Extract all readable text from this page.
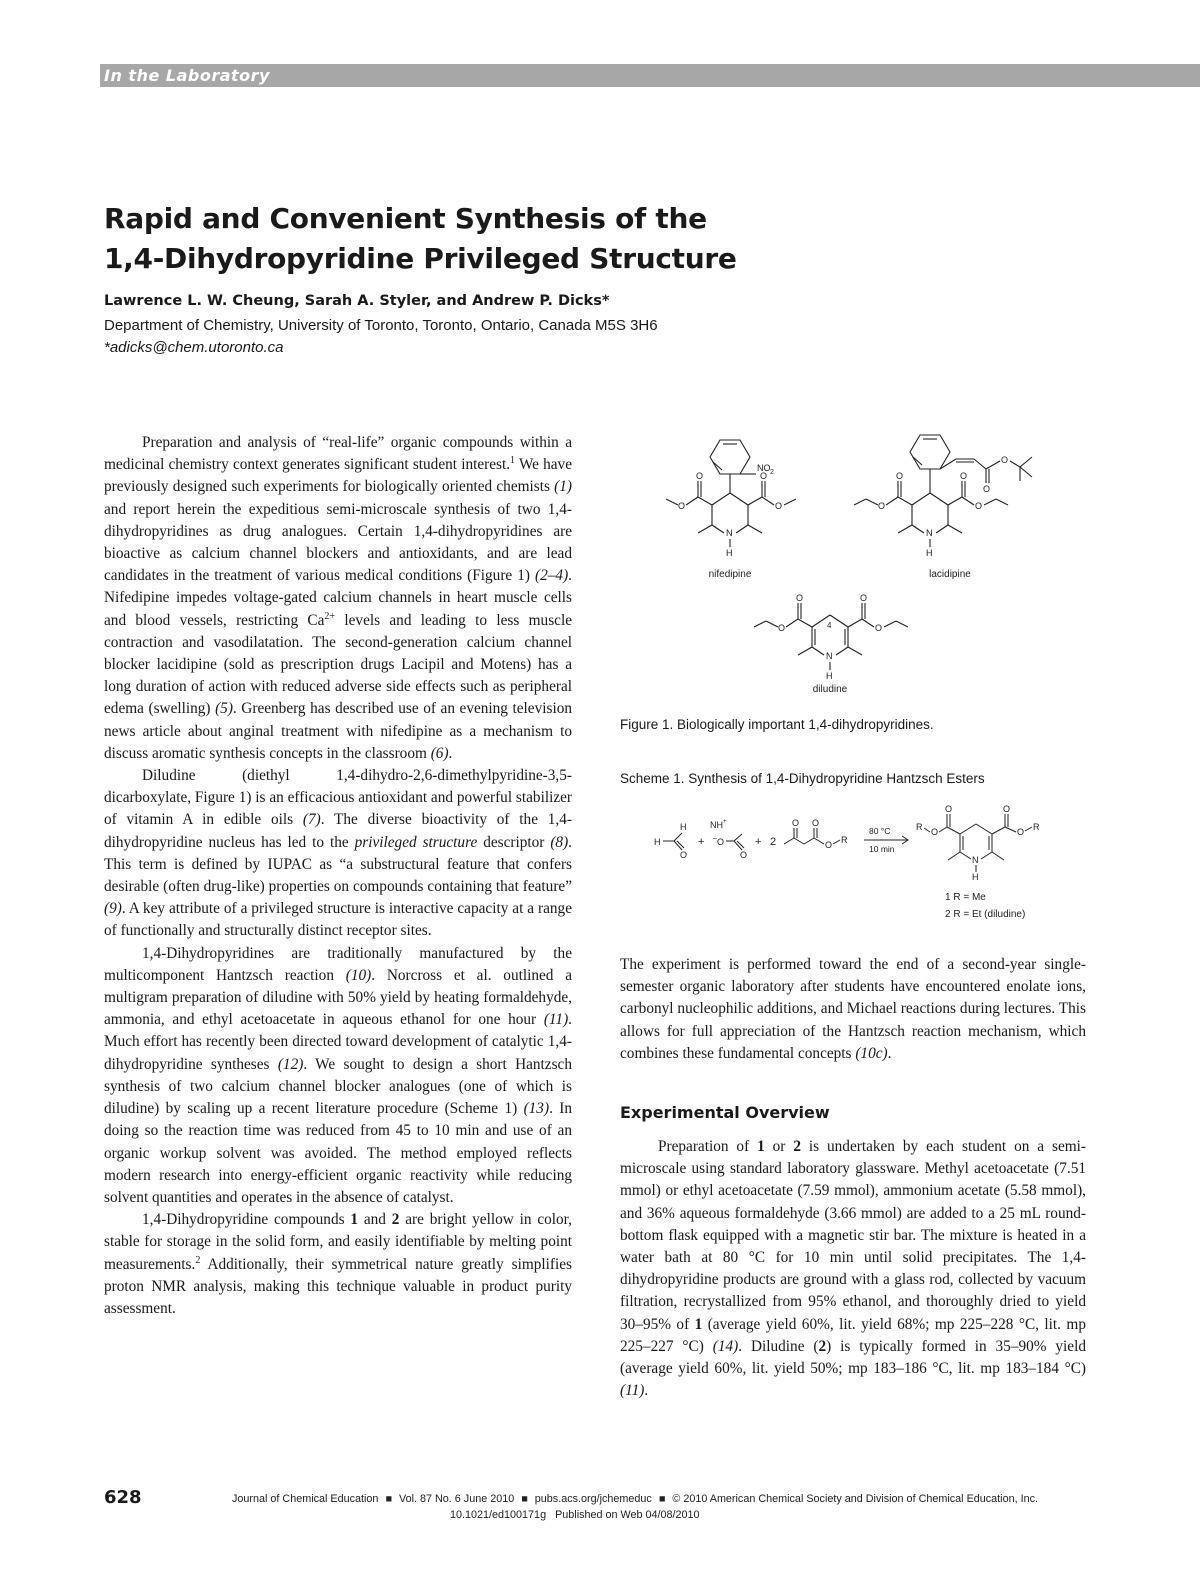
In the Laboratory
Rapid and Convenient Synthesis of the
1,4-Dihydropyridine Privileged Structure
Lawrence L. W. Cheung, Sarah A. Styler, and Andrew P. Dicks*
Department of Chemistry, University of Toronto, Toronto, Ontario, Canada M5S 3H6
*adicks@chem.utoronto.ca

Preparation and analysis of “real-life” organic compounds within a medicinal chemistry context generates significant student interest.$^1$ We have previously designed such experiments for biologically oriented chemists (1) and report herein the expeditious semi-microscale synthesis of two 1,4-dihydropyridines as drug analogues. Certain 1,4-dihydropyridines are bioactive as calcium channel blockers and antioxidants, and are lead candidates in the treatment of various medical conditions (Figure 1) (2–4). Nifedipine impedes voltage-gated calcium channels in heart muscle cells and blood vessels, restricting $Ca^{2+}$ levels and leading to less muscle contraction and vasodilatation. The second-generation calcium channel blocker lacidipine (sold as prescription drugs Lacipil and Motens) has a long duration of action with reduced adverse side effects such as peripheral edema (swelling) (5). Greenberg has described use of an evening television news article about anginal treatment with nifedipine as a mechanism to discuss aromatic synthesis concepts in the classroom (6).

Diludine (diethyl 1,4-dihydro-2,6-dimethylpyridine-3,5-dicarboxylate, Figure 1) is an efficacious antioxidant and powerful stabilizer of vitamin A in edible oils (7). The diverse bioactivity of the 1,4-dihydropyridine nucleus has led to the privileged structure descriptor (8). This term is defined by IUPAC as “a substructural feature that confers desirable (often drug-like) properties on compounds containing that feature” (9). A key attribute of a privileged structure is interactive capacity at a range of functionally and structurally distinct receptor sites.

1,4-Dihydropyridines are traditionally manufactured by the multicomponent Hantzsch reaction (10). Norcross et al. outlined a multigram preparation of diludine with 50% yield by heating formaldehyde, ammonia, and ethyl acetoacetate in aqueous ethanol for one hour (11). Much effort has recently been directed toward development of catalytic 1,4-dihydropyridine syntheses (12). We sought to design a short Hantzsch synthesis of two calcium channel blocker analogues (one of which is diludine) by scaling up a recent literature procedure (Scheme 1) (13). In doing so the reaction time was reduced from 45 to 10 min and use of an organic workup solvent was avoided. The method employed reflects modern research into energy-efficient organic reactivity while reducing solvent quantities and operates in the absence of catalyst.

1,4-Dihydropyridine compounds 1 and 2 are bright yellow in color, stable for storage in the solid form, and easily identifiable by melting point measurements.$^2$ Additionally, their symmetrical nature greatly simplifies proton NMR analysis, making this technique valuable in product purity assessment.

NO 2
N
H
O
O
O
O
nifedipine
O
O
N
H
O
O
O
O
lacidipine
4
N
H
O
O
O
O
diludine
Figure 1. Biologically important 1,4-dihydropyridines.
Scheme 1. Synthesis of 1,4-Dihydropyridine Hantzsch Esters
H
H
O
+
NH +
O
–
O
+ 2
O O
O R
80 °C
10 min
R O
O
N
H
O
O R
1 R = Me
2 R = Et (diludine)

The experiment is performed toward the end of a second-year single-semester organic laboratory after students have encountered enolate ions, carbonyl nucleophilic additions, and Michael reactions during lectures. This allows for full appreciation of the Hantzsch reaction mechanism, which combines these fundamental concepts (10c).

Experimental Overview

Preparation of 1 or 2 is undertaken by each student on a semi-microscale using standard laboratory glassware. Methyl acetoacetate (7.51 mmol) or ethyl acetoacetate (7.59 mmol), ammonium acetate (5.58 mmol), and 36% aqueous formaldehyde (3.66 mmol) are added to a 25 mL round-bottom flask equipped with a magnetic stir bar. The mixture is heated in a water bath at 80 °C for 10 min until solid precipitates. The 1,4-dihydropyridine products are ground with a glass rod, collected by vacuum filtration, recrystallized from 95% ethanol, and thoroughly dried to yield 30–95% of 1 (average yield 60%, lit. yield 68%; mp 225–228 °C, lit. mp 225–227 °C) (14). Diludine (2) is typically formed in 35–90% yield (average yield 60%, lit. yield 50%; mp 183–186 °C, lit. mp 183–184 °C) (11).

628	Journal of Chemical Education ■ Vol. 87 No. 6 June 2010 ■ pubs.acs.org/jchemeduc ■ © 2010 American Chemical Society and Division of Chemical Education, Inc.
10.1021/ed100171g Published on Web 04/08/2010
